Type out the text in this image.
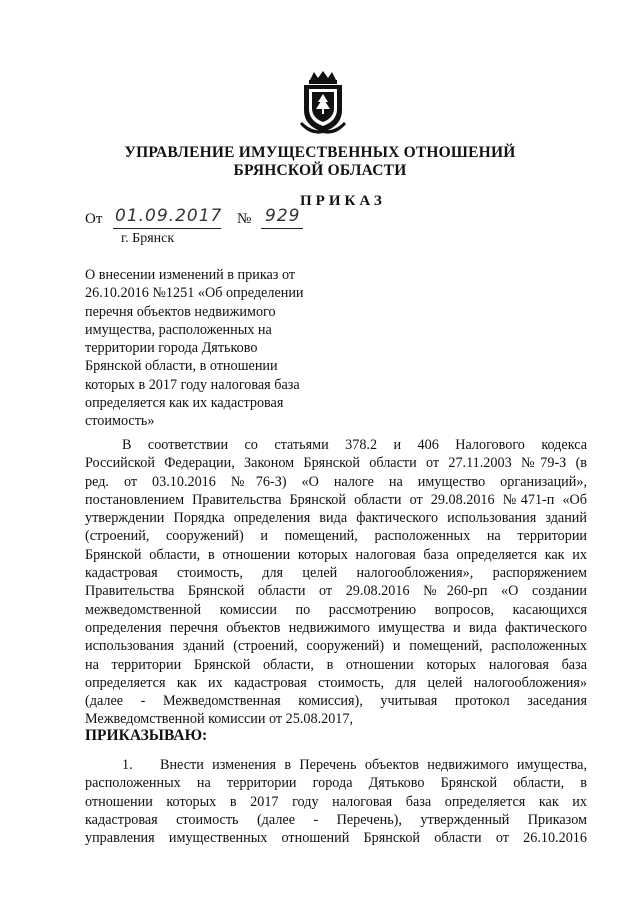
УПРАВЛЕНИЕ ИМУЩЕСТВЕННЫХ ОТНОШЕНИЙ
БРЯНСКОЙ ОБЛАСТИ
ПРИКАЗ
От 01.09.2017 № 929
г. Брянск
О внесении изменений в приказ от
26.10.2016 №1251 «Об определении
перечня объектов недвижимого
имущества, расположенных на
территории города Дятьково
Брянской области, в отношении
которых в 2017 году налоговая база
определяется как их кадастровая
стоимость»
В соответствии со статьями 378.2 и 406 Налогового кодекса
Российской Федерации, Законом Брянской области от 27.11.2003 №79-З (в
ред. от 03.10.2016 №76-З) «О налоге на имущество организаций»,
постановлением Правительства Брянской области от 29.08.2016 №471-п «Об
утверждении Порядка определения вида фактического использования зданий
(строений, сооружений) и помещений, расположенных на территории
Брянской области, в отношении которых налоговая база определяется как их
кадастровая стоимость, для целей налогообложения», распоряжением
Правительства Брянской области от 29.08.2016 №260-рп «О создании
межведомственной комиссии по рассмотрению вопросов, касающихся
определения перечня объектов недвижимого имущества и вида фактического
использования зданий (строений, сооружений) и помещений, расположенных
на территории Брянской области, в отношении которых налоговая база
определяется как их кадастровая стоимость, для целей налогообложения»
(далее - Межведомственная комиссия), учитывая протокол заседания
Межведомственной комиссии от 25.08.2017,
ПРИКАЗЫВАЮ:
1.	Внести изменения в Перечень объектов недвижимого имущества,
расположенных на территории города Дятьково Брянской области, в
отношении которых в 2017 году налоговая база определяется как их
кадастровая стоимость (далее - Перечень), утвержденный Приказом
управления имущественных отношений Брянской области от 26.10.2016
